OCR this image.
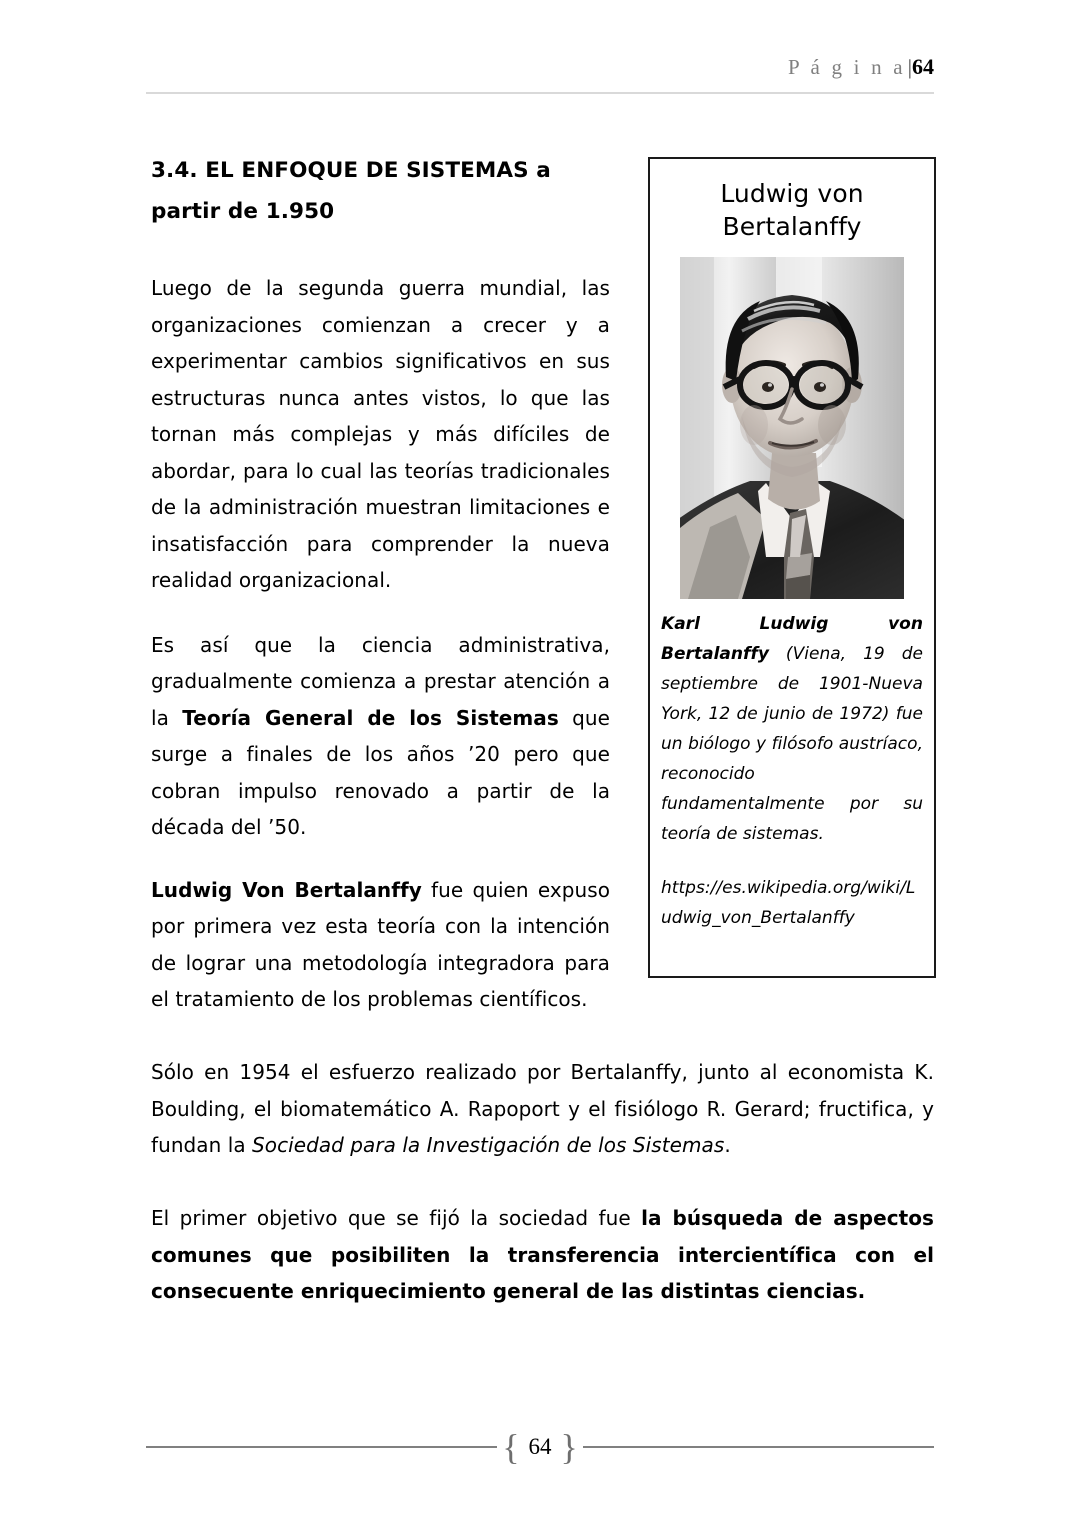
P á g i n a|64
3.4. EL ENFOQUE DE SISTEMAS a partir de 1.950

Luego de la segunda guerra mundial, las organizaciones comienzan a crecer y a experimentar cambios significativos en sus estructuras nunca antes vistos, lo que las tornan más complejas y más difíciles de abordar, para lo cual las teorías tradicionales de la administración muestran limitaciones e insatisfacción para comprender la nueva realidad organizacional.

Es así que la ciencia administrativa, gradualmente comienza a prestar atención a la Teoría General de los Sistemas que surge a finales de los años ’20 pero que cobran impulso renovado a partir de la década del ’50.

Ludwig Von Bertalanffy fue quien expuso por primera vez esta teoría con la intención de lograr una metodología integradora para el tratamiento de los problemas científicos.

Ludwig von Bertalanffy

Karl Ludwig von Bertalanffy (Viena, 19 de septiembre de 1901-Nueva York, 12 de junio de 1972) fue un biólogo y filósofo austríaco, reconocido fundamentalmente por su teoría de sistemas.

https://es.wikipedia.org/wiki/Ludwig_von_Bertalanffy

Sólo en 1954 el esfuerzo realizado por Bertalanffy, junto al economista K. Boulding, el biomatemático A. Rapoport y el fisiólogo R. Gerard; fructifica, y fundan la Sociedad para la Investigación de los Sistemas.

El primer objetivo que se fijó la sociedad fue la búsqueda de aspectos comunes que posibiliten la transferencia intercientífica con el consecuente enriquecimiento general de las distintas ciencias.

{ 64 }
